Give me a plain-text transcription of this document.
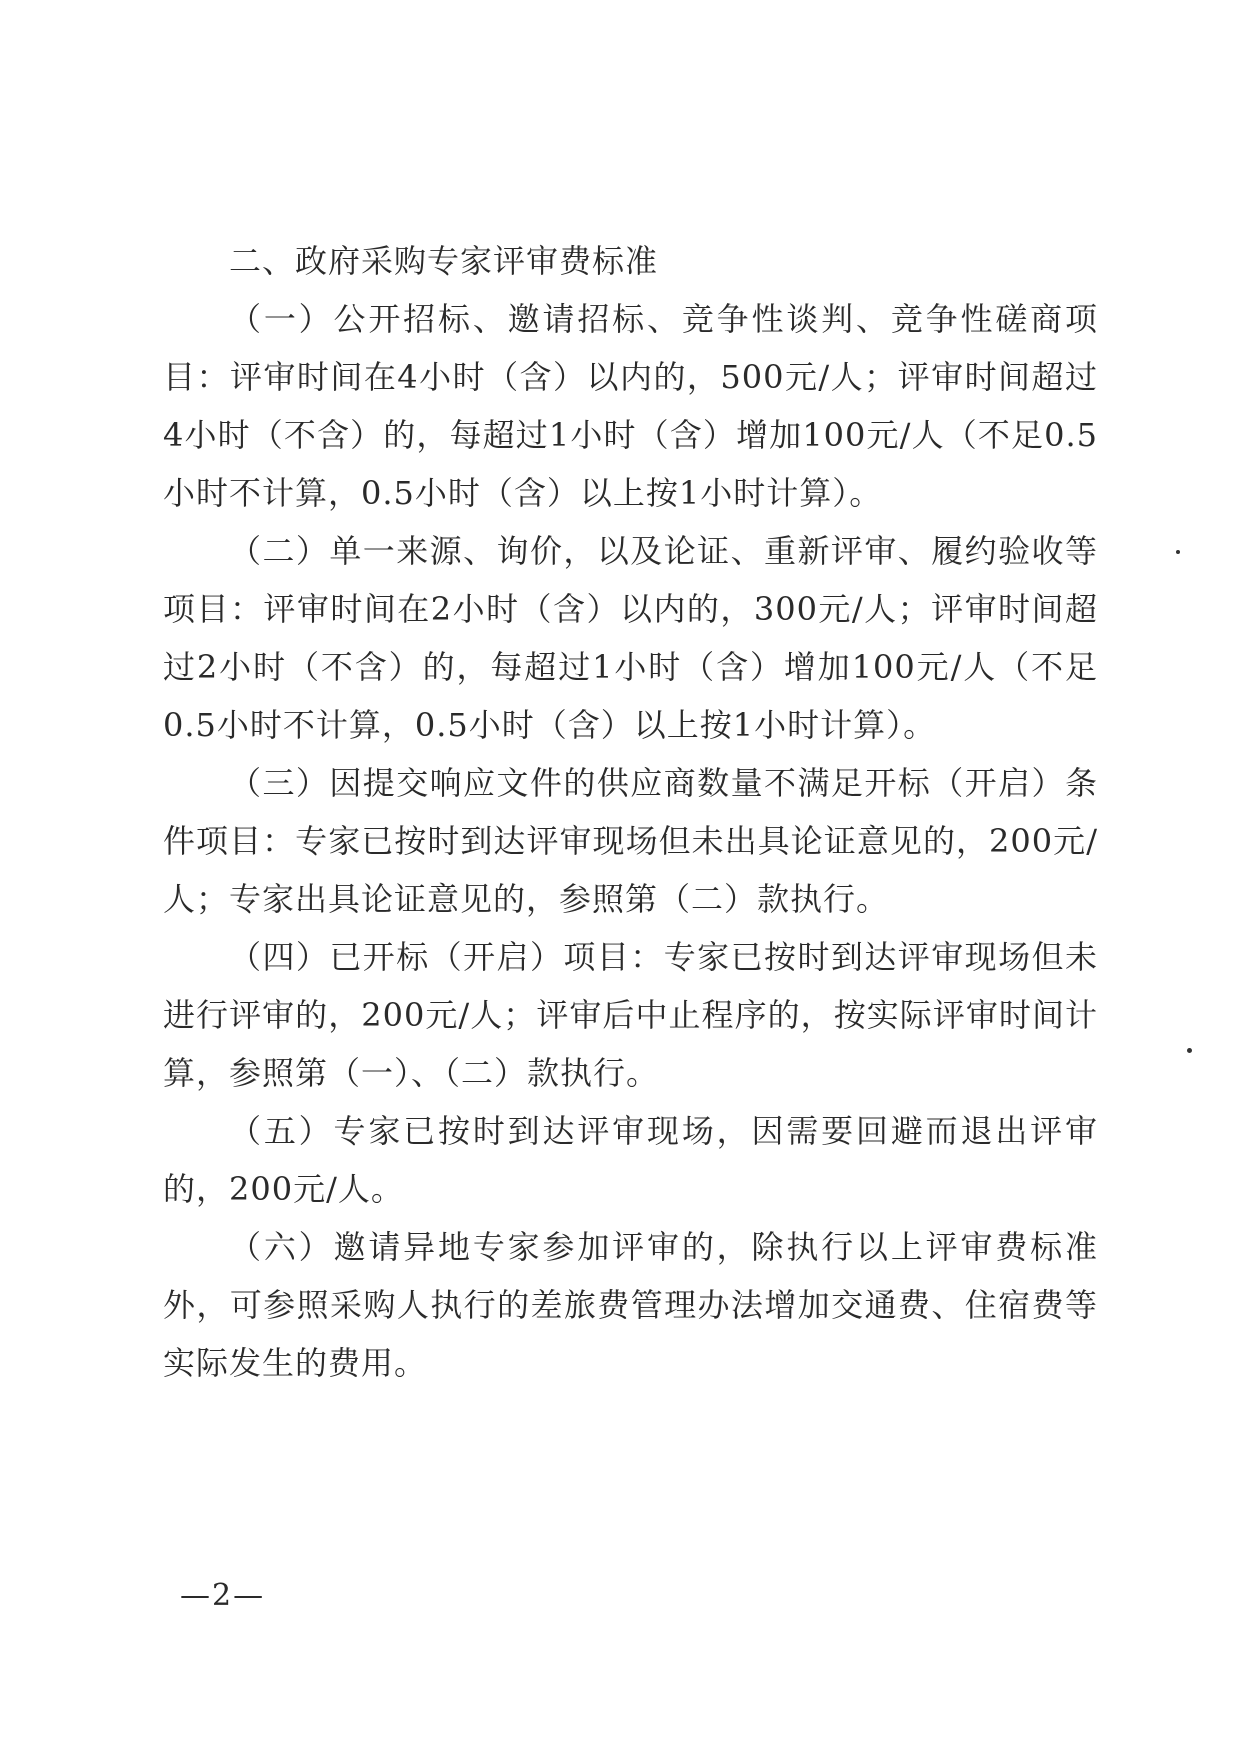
二、政府采购专家评审费标准

（一）公开招标、邀请招标、竞争性谈判、竞争性磋商项目：评审时间在4小时（含）以内的，500元/人；评审时间超过4小时（不含）的，每超过1小时（含）增加100元/人（不足0.5小时不计算，0.5小时（含）以上按1小时计算）。

（二）单一来源、询价，以及论证、重新评审、履约验收等项目：评审时间在2小时（含）以内的，300元/人；评审时间超过2小时（不含）的，每超过1小时（含）增加100元/人（不足0.5小时不计算，0.5小时（含）以上按1小时计算）。

（三）因提交响应文件的供应商数量不满足开标（开启）条件项目：专家已按时到达评审现场但未出具论证意见的，200元/人；专家出具论证意见的，参照第（二）款执行。

（四）已开标（开启）项目：专家已按时到达评审现场但未进行评审的，200元/人；评审后中止程序的，按实际评审时间计算，参照第（一）、（二）款执行。

（五）专家已按时到达评审现场，因需要回避而退出评审的，200元/人。

（六）邀请异地专家参加评审的，除执行以上评审费标准外，可参照采购人执行的差旅费管理办法增加交通费、住宿费等实际发生的费用。

—2—
